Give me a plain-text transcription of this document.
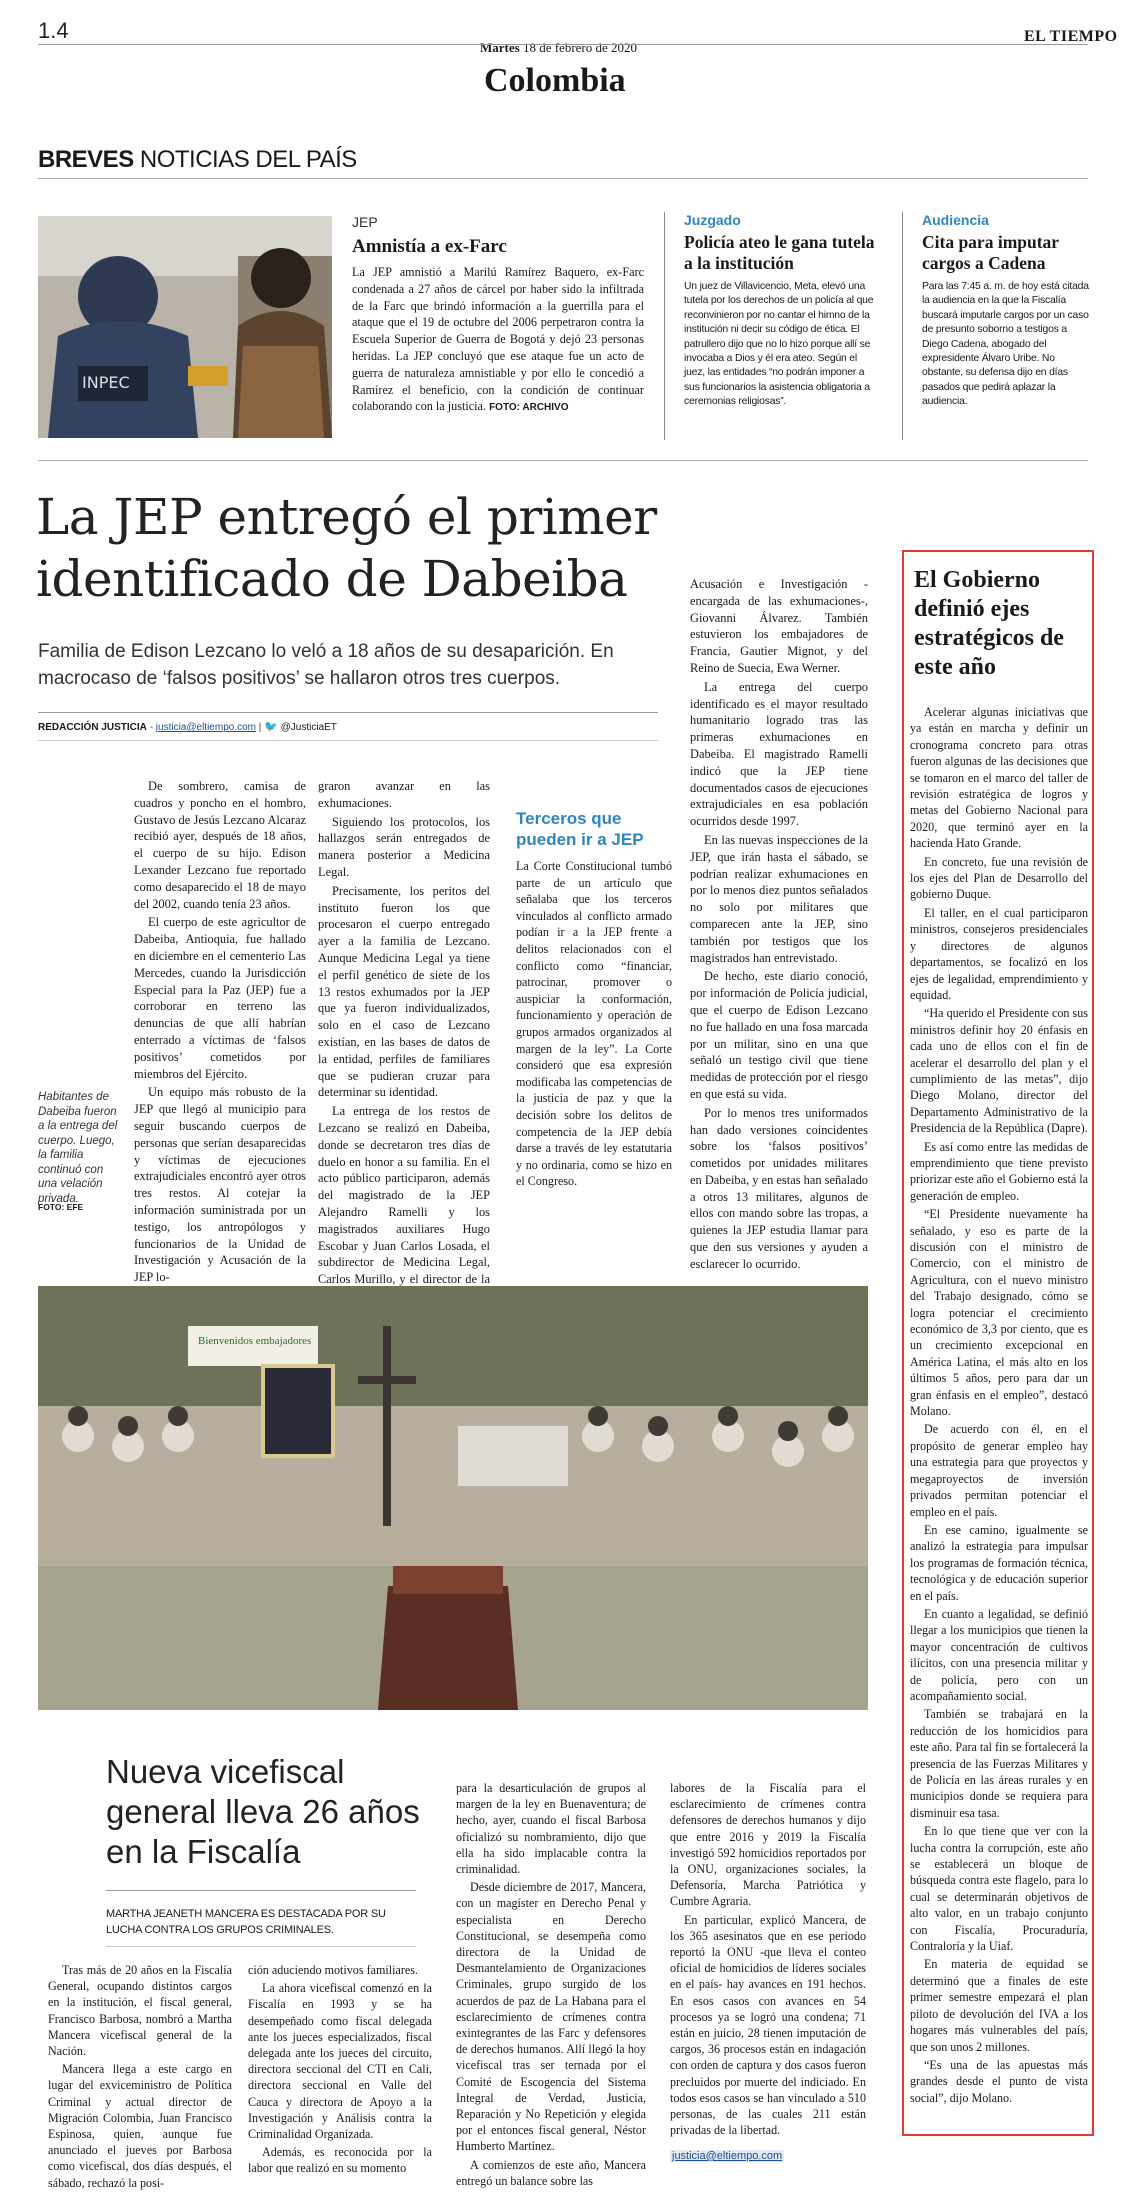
1.4
Martes 18 de febrero de 2020
Colombia
EL TIEMPO
BREVES NOTICIAS DEL PAÍS
INPEC
JEP
Amnistía a ex-Farc
La JEP amnistió a Marilú Ramírez Baquero, ex-Farc condenada a 27 años de cárcel por haber sido la infiltrada de la Farc que brindó información a la guerrilla para el ataque que el 19 de octubre del 2006 perpetraron contra la Escuela Superior de Guerra de Bogotá y dejó 23 personas heridas. La JEP concluyó que ese ataque fue un acto de guerra de naturaleza amnistiable y por ello le concedió a Ramírez el beneficio, con la condición de continuar colaborando con la justicia. FOTO: ARCHIVO
Juzgado
Policía ateo le gana tutela a la institución
Un juez de Villavicencio, Meta, elevó una tutela por los derechos de un policía al que reconvinieron por no cantar el himno de la institución ni decir su código de ética. El patrullero dijo que no lo hizo porque allí se invocaba a Dios y él era ateo. Según el juez, las entidades “no podrán imponer a sus funcionarios la asistencia obligatoria a ceremonias religiosas”.
Audiencia
Cita para imputar cargos a Cadena
Para las 7:45 a. m. de hoy está citada la audiencia en la que la Fiscalía buscará imputarle cargos por un caso de presunto soborno a testigos a Diego Cadena, abogado del expresidente Álvaro Uribe. No obstante, su defensa dijo en días pasados que pedirá aplazar la audiencia.
La JEP entregó el primer
identificado de Dabeiba
Familia de Edison Lezcano lo veló a 18 años de su desaparición. En macrocaso de ‘falsos positivos’ se hallaron otros tres cuerpos.
REDACCIÓN JUSTICIA - justicia@eltiempo.com | 🐦 @JusticiaET
Habitantes de Dabeiba fueron a la entrega del cuerpo. Luego, la familia continuó con una velación privada.
FOTO: EFE

De sombrero, camisa de cuadros y poncho en el hombro, Gustavo de Jesús Lezcano Alcaraz recibió ayer, después de 18 años, el cuerpo de su hijo. Edison Lexander Lezcano fue reportado como desaparecido el 18 de mayo del 2002, cuando tenía 23 años.

El cuerpo de este agricultor de Dabeiba, Antioquia, fue hallado en diciembre en el cementerio Las Mercedes, cuando la Jurisdicción Especial para la Paz (JEP) fue a corroborar en terreno las denuncias de que allí habrían enterrado a víctimas de ‘falsos positivos’ cometidos por miembros del Ejército.

Un equipo más robusto de la JEP que llegó al municipio para seguir buscando cuerpos de personas que serían desaparecidas y víctimas de ejecuciones extrajudiciales encontró ayer otros tres restos. Al cotejar la información suministrada por un testigo, los antropólogos y funcionarios de la Unidad de Investigación y Acusación de la JEP lo-

graron avanzar en las exhumaciones.

Siguiendo los protocolos, los hallazgos serán entregados de manera posterior a Medicina Legal.

Precisamente, los peritos del instituto fueron los que procesaron el cuerpo entregado ayer a la familia de Lezcano. Aunque Medicina Legal ya tiene el perfil genético de siete de los 13 restos exhumados por la JEP que ya fueron individualizados, solo en el caso de Lezcano existían, en las bases de datos de la entidad, perfiles de familiares que se pudieran cruzar para determinar su identidad.

La entrega de los restos de Lezcano se realizó en Dabeiba, donde se decretaron tres días de duelo en honor a su familia. En el acto público participaron, además del magistrado de la JEP Alejandro Ramelli y los magistrados auxiliares Hugo Escobar y Juan Carlos Losada, el subdirector de Medicina Legal, Carlos Murillo, y el director de la

Terceros que pueden ir a JEP

La Corte Constitucional tumbó parte de un artículo que señalaba que los terceros vinculados al conflicto armado podían ir a la JEP frente a delitos relacionados con el conflicto como “financiar, patrocinar, promover o auspiciar la conformación, funcionamiento y operación de grupos armados organizados al margen de la ley”. La Corte consideró que esa expresión modificaba las competencias de la justicia de paz y que la decisión sobre los delitos de competencia de la JEP debía darse a través de ley estatutaria y no ordinaria, como se hizo en el Congreso.

Acusación e Investigación -encargada de las exhumaciones-, Giovanni Álvarez. También estuvieron los embajadores de Francia, Gautier Mignot, y del Reino de Suecia, Ewa Werner.

La entrega del cuerpo identificado es el mayor resultado humanitario logrado tras las primeras exhumaciones en Dabeiba. El magistrado Ramelli indicó que la JEP tiene documentados casos de ejecuciones extrajudiciales en esa población ocurridos desde 1997.

En las nuevas inspecciones de la JEP, que irán hasta el sábado, se podrían realizar exhumaciones en por lo menos diez puntos señalados no solo por militares que comparecen ante la JEP, sino también por testigos que los magistrados han entrevistado.

De hecho, este diario conoció, por información de Policía judicial, que el cuerpo de Edison Lezcano no fue hallado en una fosa marcada por un militar, sino en una que señaló un testigo civil que tiene medidas de protección por el riesgo en que está su vida.

Por lo menos tres uniformados han dado versiones coincidentes sobre los ‘falsos positivos’ cometidos por unidades militares en Dabeiba, y en estas han señalado a otros 13 militares, algunos de ellos con mando sobre las tropas, a quienes la JEP estudia llamar para que den sus versiones y ayuden a esclarecer lo ocurrido.

Bienvenidos embajadores
El Gobierno definió ejes estratégicos de este año

Acelerar algunas iniciativas que ya están en marcha y definir un cronograma concreto para otras fueron algunas de las decisiones que se tomaron en el marco del taller de revisión estratégica de logros y metas del Gobierno Nacional para 2020, que terminó ayer en la hacienda Hato Grande.

En concreto, fue una revisión de los ejes del Plan de Desarrollo del gobierno Duque.

El taller, en el cual participaron ministros, consejeros presidenciales y directores de algunos departamentos, se focalizó en los ejes de legalidad, emprendimiento y equidad.

“Ha querido el Presidente con sus ministros definir hoy 20 énfasis en cada uno de ellos con el fin de acelerar el desarrollo del plan y el cumplimiento de las metas”, dijo Diego Molano, director del Departamento Administrativo de la Presidencia de la República (Dapre).

Es así como entre las medidas de emprendimiento que tiene previsto priorizar este año el Gobierno está la generación de empleo.

“El Presidente nuevamente ha señalado, y eso es parte de la discusión con el ministro de Comercio, con el ministro de Agricultura, con el nuevo ministro del Trabajo designado, cómo se logra potenciar el crecimiento económico de 3,3 por ciento, que es un crecimiento excepcional en América Latina, el más alto en los últimos 5 años, pero para dar un gran énfasis en el empleo”, destacó Molano.

De acuerdo con él, en el propósito de generar empleo hay una estrategia para que proyectos y megaproyectos de inversión privados permitan potenciar el empleo en el país.

En ese camino, igualmente se analizó la estrategia para impulsar los programas de formación técnica, tecnológica y de educación superior en el país.

En cuanto a legalidad, se definió llegar a los municipios que tienen la mayor concentración de cultivos ilícitos, con una presencia militar y de policía, pero con un acompañamiento social.

También se trabajará en la reducción de los homicidios para este año. Para tal fin se fortalecerá la presencia de las Fuerzas Militares y de Policía en las áreas rurales y en municipios donde se requiera para disminuir esa tasa.

En lo que tiene que ver con la lucha contra la corrupción, este año se establecerá un bloque de búsqueda contra este flagelo, para lo cual se determinarán objetivos de alto valor, en un trabajo conjunto con Fiscalía, Procuraduría, Contraloría y la Uiaf.

En materia de equidad se determinó que a finales de este primer semestre empezará el plan piloto de devolución del IVA a los hogares más vulnerables del país, que son unos 2 millones.

“Es una de las apuestas más grandes desde el punto de vista social”, dijo Molano.

Nueva vicefiscal general lleva 26 años en la Fiscalía
MARTHA JEANETH MANCERA ES DESTACADA POR SU LUCHA CONTRA LOS GRUPOS CRIMINALES.

Tras más de 20 años en la Fiscalía General, ocupando distintos cargos en la institución, el fiscal general, Francisco Barbosa, nombró a Martha Mancera vicefiscal general de la Nación.

Mancera llega a este cargo en lugar del exviceministro de Política Criminal y actual director de Migración Colombia, Juan Francisco Espinosa, quien, aunque fue anunciado el jueves por Barbosa como vicefiscal, dos días después, el sábado, rechazó la posi-

ción aduciendo motivos familiares.

La ahora vicefiscal comenzó en la Fiscalía en 1993 y se ha desempeñado como fiscal delegada ante los jueces especializados, fiscal delegada ante los jueces del circuito, directora seccional del CTI en Cali, directora seccional en Valle del Cauca y directora de Apoyo a la Investigación y Análisis contra la Criminalidad Organizada.

Además, es reconocida por la labor que realizó en su momento

para la desarticulación de grupos al margen de la ley en Buenaventura; de hecho, ayer, cuando el fiscal Barbosa oficializó su nombramiento, dijo que ella ha sido implacable contra la criminalidad.

Desde diciembre de 2017, Mancera, con un magíster en Derecho Penal y especialista en Derecho Constitucional, se desempeña como directora de la Unidad de Desmantelamiento de Organizaciones Criminales, grupo surgido de los acuerdos de paz de La Habana para el esclarecimiento de crímenes contra exintegrantes de las Farc y defensores de derechos humanos. Allí llegó la hoy vicefiscal tras ser ternada por el Comité de Escogencia del Sistema Integral de Verdad, Justicia, Reparación y No Repetición y elegida por el entonces fiscal general, Néstor Humberto Martínez.

A comienzos de este año, Mancera entregó un balance sobre las

labores de la Fiscalía para el esclarecimiento de crímenes contra defensores de derechos humanos y dijo que entre 2016 y 2019 la Fiscalía investigó 592 homicidios reportados por la ONU, organizaciones sociales, la Defensoría, Marcha Patriótica y Cumbre Agraria.

En particular, explicó Mancera, de los 365 asesinatos que en ese periodo reportó la ONU -que lleva el conteo oficial de homicidios de líderes sociales en el país- hay avances en 191 hechos. En esos casos con avances en 54 procesos ya se logró una condena; 71 están en juicio, 28 tienen imputación de cargos, 36 procesos están en indagación con orden de captura y dos casos fueron precluidos por muerte del indiciado. En todos esos casos se han vinculado a 510 personas, de las cuales 211 están privadas de la libertad.

justicia@eltiempo.com
